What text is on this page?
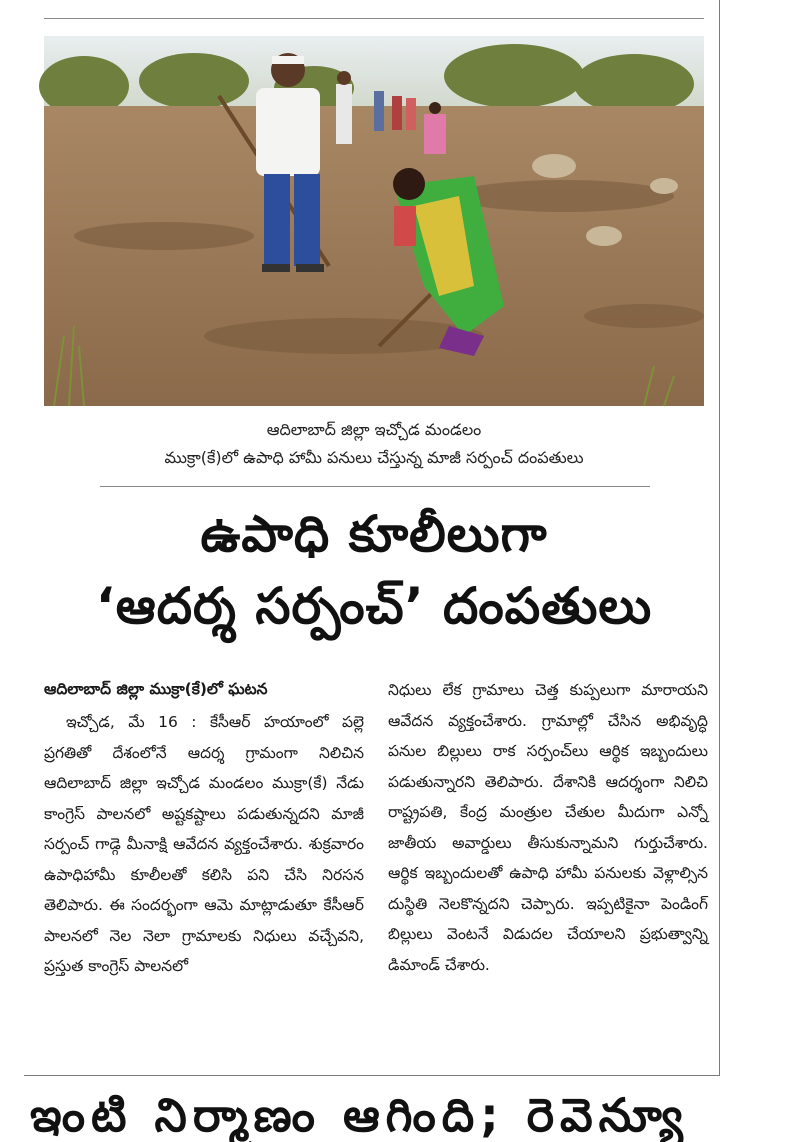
ఆదిలాబాద్‌ జిల్లా ఇచ్చోడ మండలం
ముక్రా(కే)లో ఉపాధి హామీ పనులు చేస్తున్న మాజీ సర్పంచ్‌ దంపతులు
ఉపాధి కూలీలుగా
‘ఆదర్శ సర్పంచ్‌’ దంపతులు
ఆదిలాబాద్‌ జిల్లా ముక్రా(కే)లో ఘటన
ఇచ్చోడ, మే 16 : కేసీఆర్‌ హయాంలో పల్లె ప్రగతితో దేశంలోనే ఆదర్శ గ్రామంగా నిలిచిన ఆదిలాబాద్‌ జిల్లా ఇచ్చోడ మండలం ముక్రా(కే) నేడు కాంగ్రెస్‌ పాలనలో అష్టకష్టాలు పడుతున్నదని మాజీ సర్పంచ్‌ గాడ్గె మీనాక్షి ఆవేదన వ్యక్తంచేశారు. శుక్రవారం ఉపాధిహామీ కూలీలతో కలిసి పని చేసి నిరసన తెలిపారు. ఈ సందర్భంగా ఆమె మాట్లాడుతూ కేసీఆర్‌ పాలనలో నెల నెలా గ్రామాలకు నిధులు వచ్చేవని, ప్రస్తుత కాంగ్రెస్‌ పాలనలో
నిధులు లేక గ్రామాలు చెత్త కుప్పలుగా మారాయని ఆవేదన వ్యక్తంచేశారు. గ్రామాల్లో చేసిన అభివృద్ధి పనుల బిల్లులు రాక సర్పంచ్‌లు ఆర్థిక ఇబ్బందులు పడుతున్నారని తెలిపారు. దేశానికి ఆదర్శంగా నిలిచి రాష్ట్రపతి, కేంద్ర మంత్రుల చేతుల మీదుగా ఎన్నో జాతీయ అవార్డులు తీసుకున్నామని గుర్తుచేశారు. ఆర్థిక ఇబ్బందులతో ఉపాధి హామీ పనులకు వెళ్లాల్సిన దుస్థితి నెలకొన్నదని చెప్పారు. ఇప్పటికైనా పెండింగ్‌ బిల్లులు వెంటనే విడుదల చేయాలని ప్రభుత్వాన్ని డిమాండ్‌ చేశారు.
ఇంటి నిర్మాణం ఆగింది; రెవెన్యూ
